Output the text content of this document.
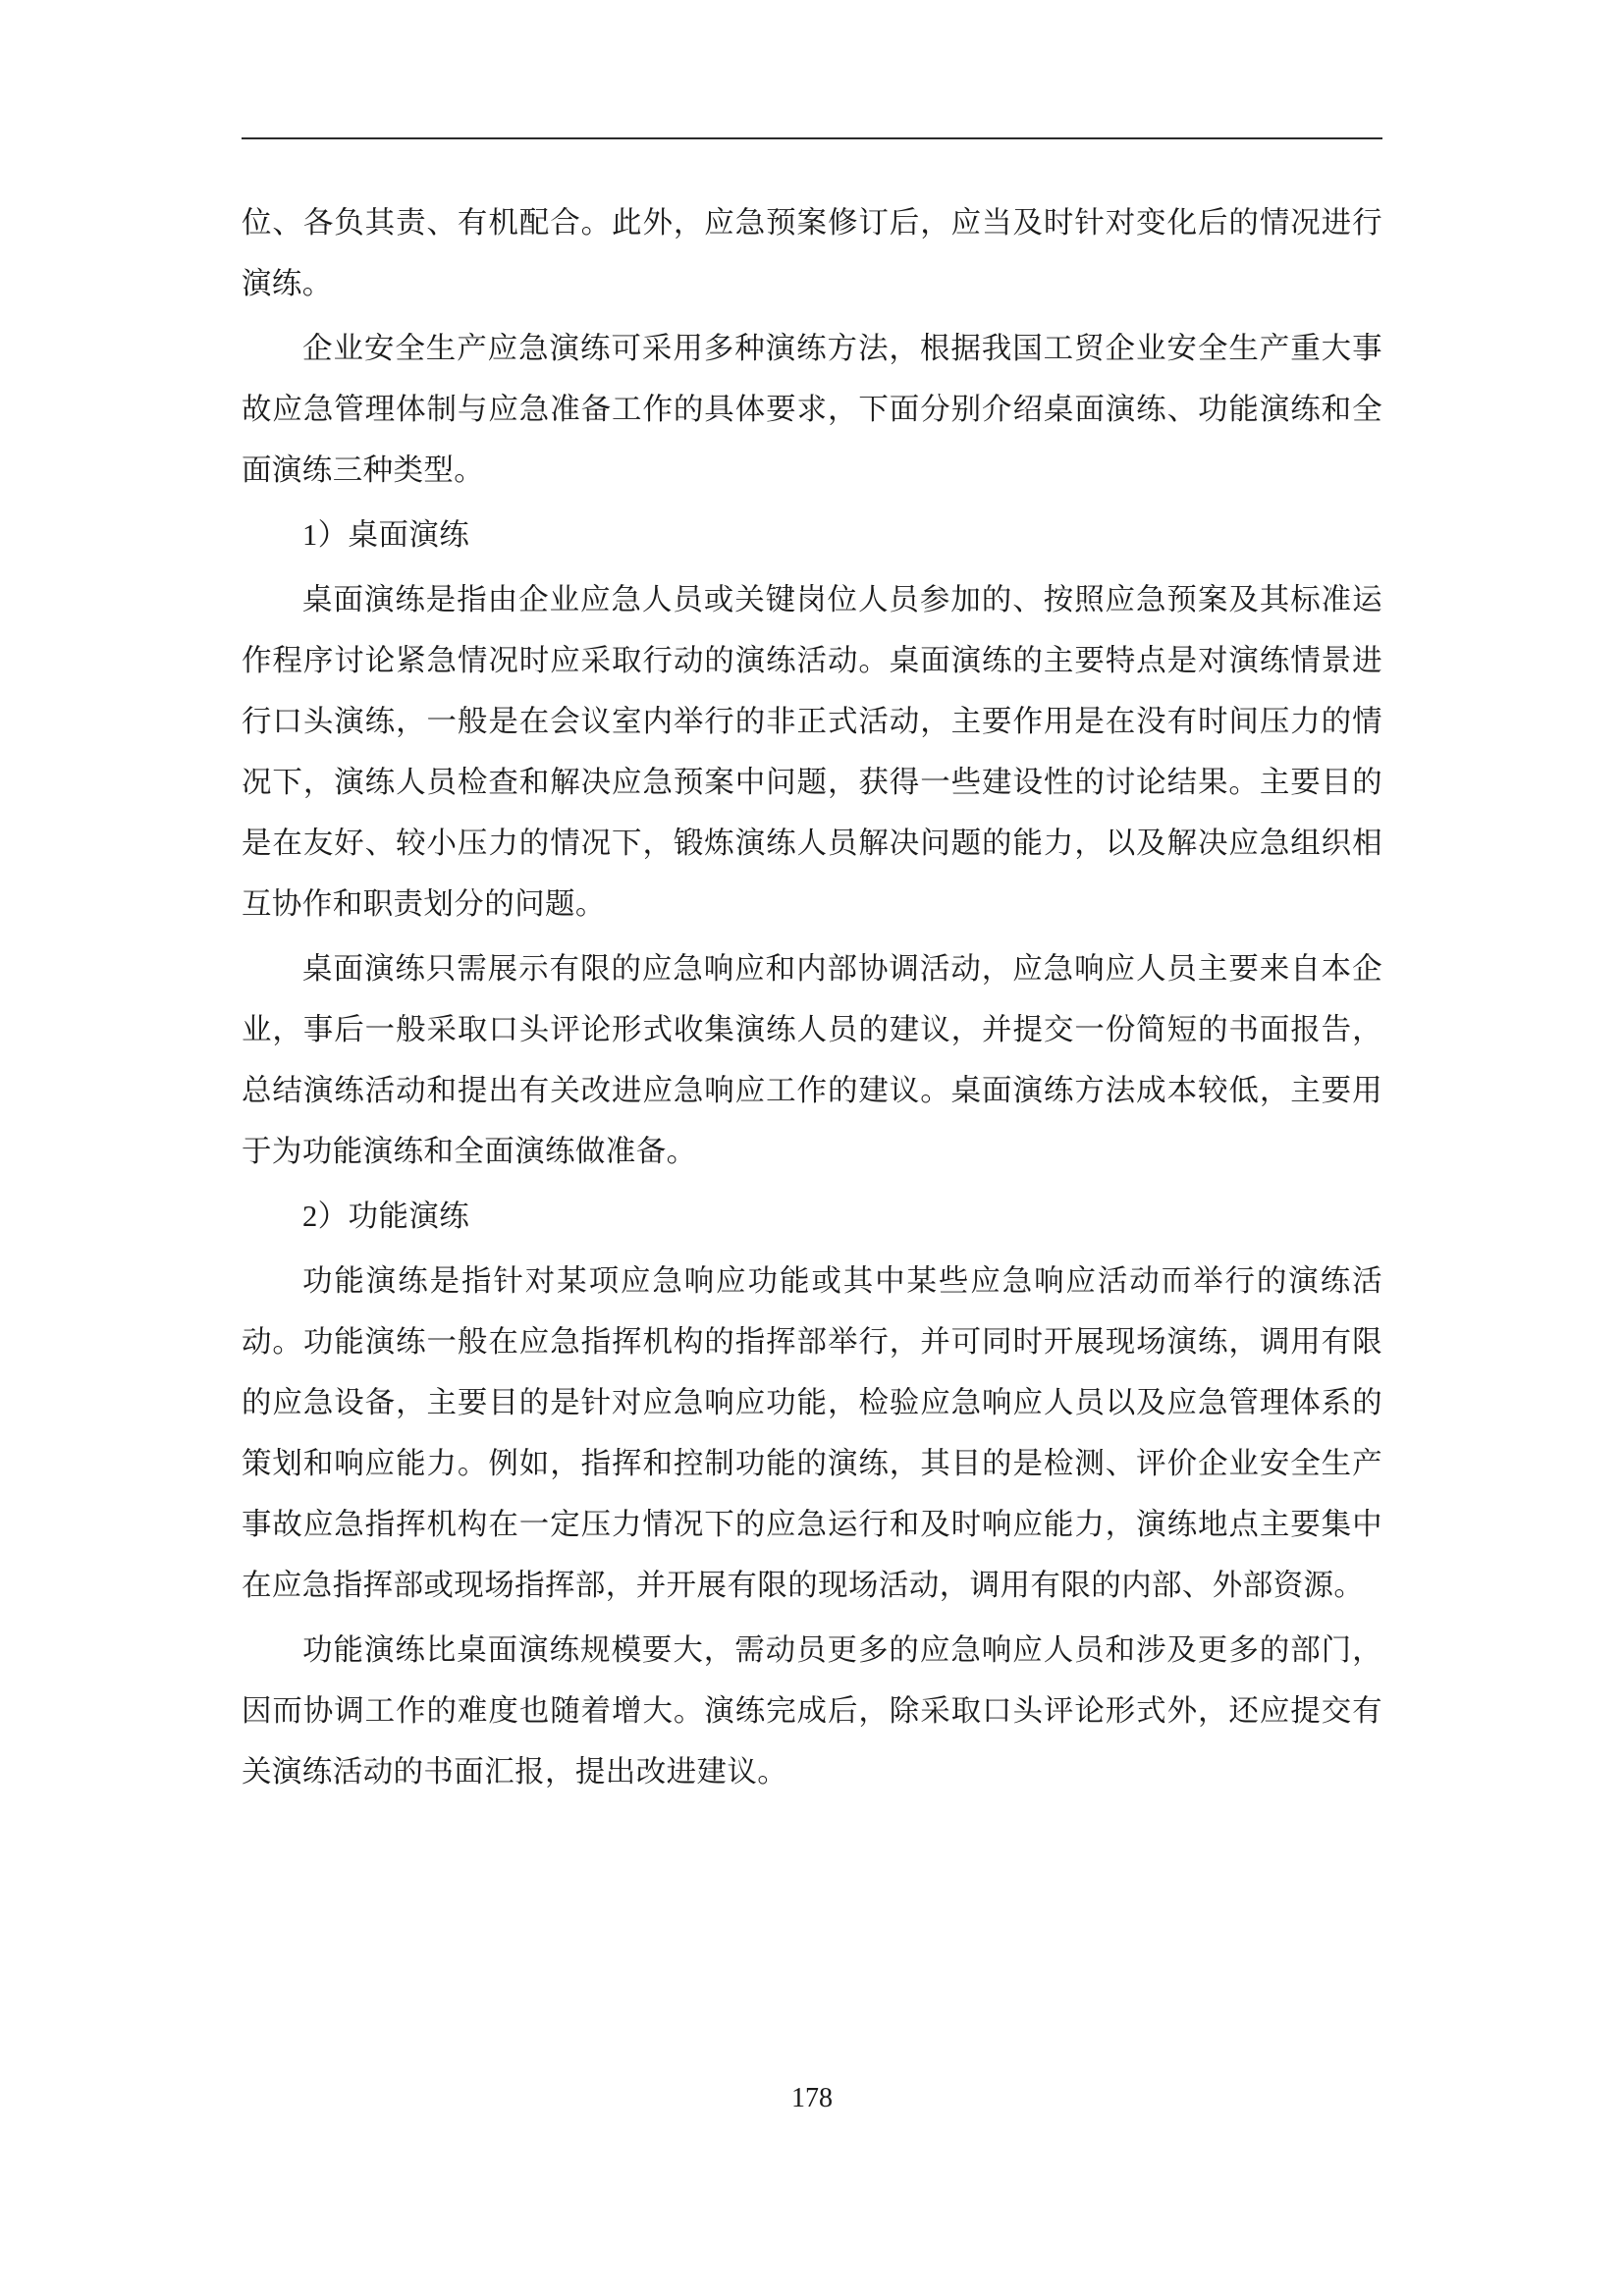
位、各负其责、有机配合。此外，应急预案修订后，应当及时针对变化后的情况进行演练。

企业安全生产应急演练可采用多种演练方法，根据我国工贸企业安全生产重大事故应急管理体制与应急准备工作的具体要求，下面分别介绍桌面演练、功能演练和全面演练三种类型。

1）桌面演练

桌面演练是指由企业应急人员或关键岗位人员参加的、按照应急预案及其标准运作程序讨论紧急情况时应采取行动的演练活动。桌面演练的主要特点是对演练情景进行口头演练，一般是在会议室内举行的非正式活动，主要作用是在没有时间压力的情况下，演练人员检查和解决应急预案中问题，获得一些建设性的讨论结果。主要目的是在友好、较小压力的情况下，锻炼演练人员解决问题的能力，以及解决应急组织相互协作和职责划分的问题。

桌面演练只需展示有限的应急响应和内部协调活动，应急响应人员主要来自本企业，事后一般采取口头评论形式收集演练人员的建议，并提交一份简短的书面报告，总结演练活动和提出有关改进应急响应工作的建议。桌面演练方法成本较低，主要用于为功能演练和全面演练做准备。

2）功能演练

功能演练是指针对某项应急响应功能或其中某些应急响应活动而举行的演练活动。功能演练一般在应急指挥机构的指挥部举行，并可同时开展现场演练，调用有限的应急设备，主要目的是针对应急响应功能，检验应急响应人员以及应急管理体系的策划和响应能力。例如，指挥和控制功能的演练，其目的是检测、评价企业安全生产事故应急指挥机构在一定压力情况下的应急运行和及时响应能力，演练地点主要集中在应急指挥部或现场指挥部，并开展有限的现场活动，调用有限的内部、外部资源。

功能演练比桌面演练规模要大，需动员更多的应急响应人员和涉及更多的部门，因而协调工作的难度也随着增大。演练完成后，除采取口头评论形式外，还应提交有关演练活动的书面汇报，提出改进建议。

178
